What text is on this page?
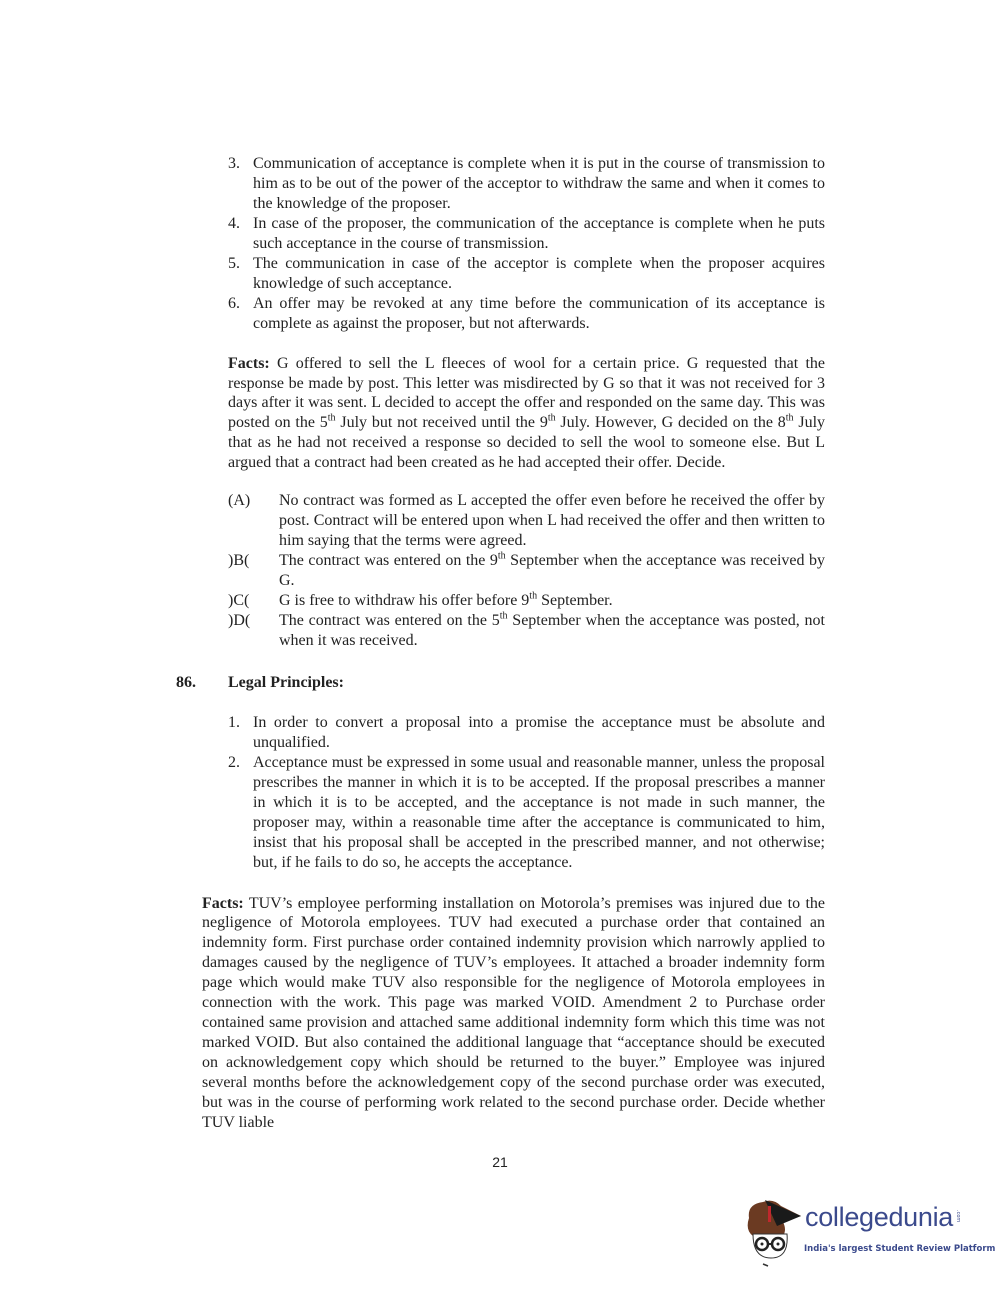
3. Communication of acceptance is complete when it is put in the course of transmission to him as to be out of the power of the acceptor to withdraw the same and when it comes to the knowledge of the proposer.
4. In case of the proposer, the communication of the acceptance is complete when he puts such acceptance in the course of transmission.
5. The communication in case of the acceptor is complete when the proposer acquires knowledge of such acceptance.
6. An offer may be revoked at any time before the communication of its acceptance is complete as against the proposer, but not afterwards.
Facts: G offered to sell the L fleeces of wool for a certain price. G requested that the response be made by post. This letter was misdirected by G so that it was not received for 3 days after it was sent. L decided to accept the offer and responded on the same day. This was posted on the 5th July but not received until the 9th July. However, G decided on the 8th July that as he had not received a response so decided to sell the wool to someone else. But L argued that a contract had been created as he had accepted their offer. Decide.
(A)	No contract was formed as L accepted the offer even before he received the offer by post. Contract will be entered upon when L had received the offer and then written to him saying that the terms were agreed.
)B(	The contract was entered on the 9th September when the acceptance was received by G.
)C(	G is free to withdraw his offer before 9th September.
)D(	The contract was entered on the 5th September when the acceptance was posted, not when it was received.
86. Legal Principles:
1. In order to convert a proposal into a promise the acceptance must be absolute and unqualified.
2. Acceptance must be expressed in some usual and reasonable manner, unless the proposal prescribes the manner in which it is to be accepted. If the proposal prescribes a manner in which it is to be accepted, and the acceptance is not made in such manner, the proposer may, within a reasonable time after the acceptance is communicated to him, insist that his proposal shall be accepted in the prescribed manner, and not otherwise; but, if he fails to do so, he accepts the acceptance.
Facts: TUV’s employee performing installation on Motorola’s premises was injured due to the negligence of Motorola employees. TUV had executed a purchase order that contained an indemnity form. First purchase order contained indemnity provision which narrowly applied to damages caused by the negligence of TUV’s employees. It attached a broader indemnity form page which would make TUV also responsible for the negligence of Motorola employees in connection with the work. This page was marked VOID. Amendment 2 to Purchase order contained same provision and attached same additional indemnity form which this time was not marked VOID. But also contained the additional language that “acceptance should be executed on acknowledgement copy which should be returned to the buyer.” Employee was injured several months before the acknowledgement copy of the second purchase order was executed, but was in the course of performing work related to the second purchase order. Decide whether TUV liable
21
collegedunia .com
India's largest Student Review Platform
